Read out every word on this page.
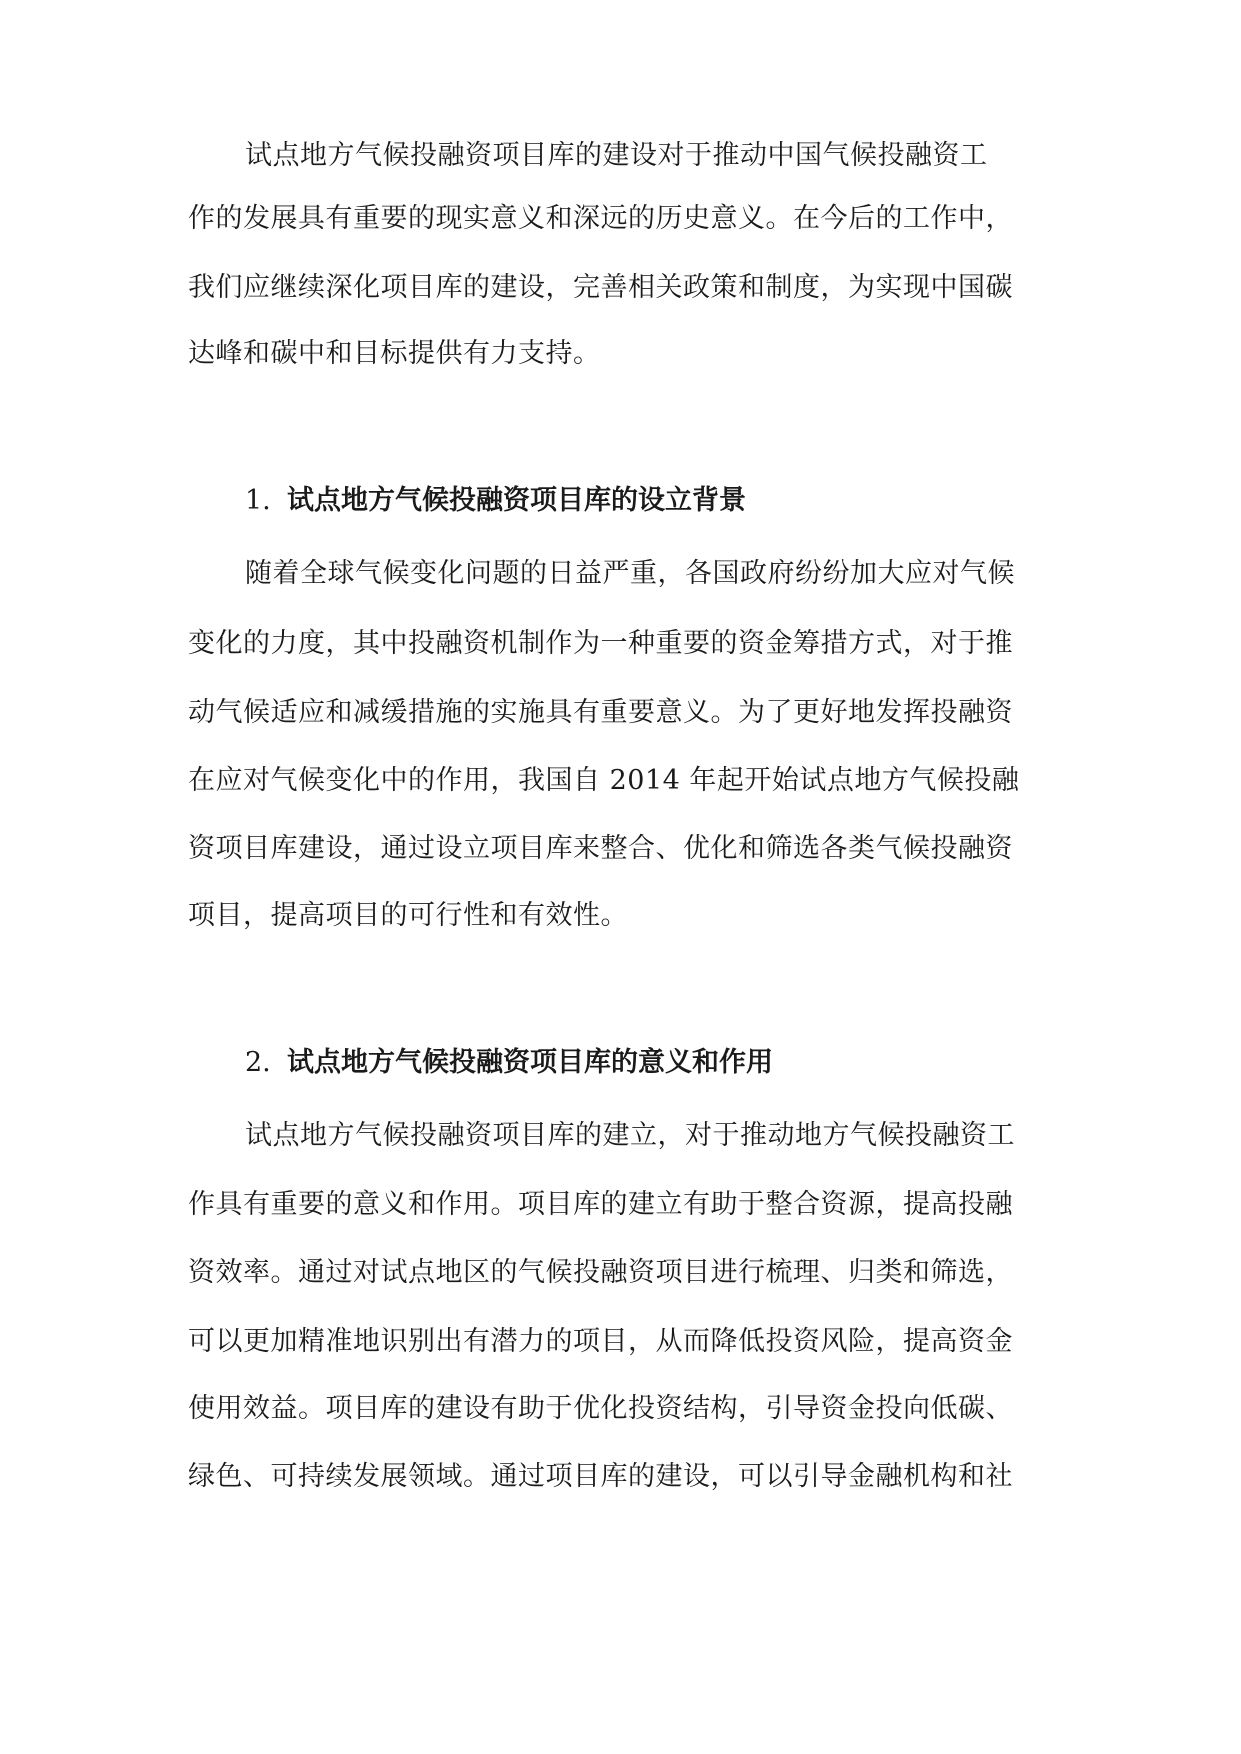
试点地方气候投融资项目库的建设对于推动中国气候投融资工
作的发展具有重要的现实意义和深远的历史意义。在今后的工作中，
我们应继续深化项目库的建设，完善相关政策和制度，为实现中国碳
达峰和碳中和目标提供有力支持。
1. 试点地方气候投融资项目库的设立背景
随着全球气候变化问题的日益严重，各国政府纷纷加大应对气候
变化的力度，其中投融资机制作为一种重要的资金筹措方式，对于推
动气候适应和减缓措施的实施具有重要意义。为了更好地发挥投融资
在应对气候变化中的作用，我国自 2014 年起开始试点地方气候投融
资项目库建设，通过设立项目库来整合、优化和筛选各类气候投融资
项目，提高项目的可行性和有效性。
2. 试点地方气候投融资项目库的意义和作用
试点地方气候投融资项目库的建立，对于推动地方气候投融资工
作具有重要的意义和作用。项目库的建立有助于整合资源，提高投融
资效率。通过对试点地区的气候投融资项目进行梳理、归类和筛选，
可以更加精准地识别出有潜力的项目，从而降低投资风险，提高资金
使用效益。项目库的建设有助于优化投资结构，引导资金投向低碳、
绿色、可持续发展领域。通过项目库的建设，可以引导金融机构和社
